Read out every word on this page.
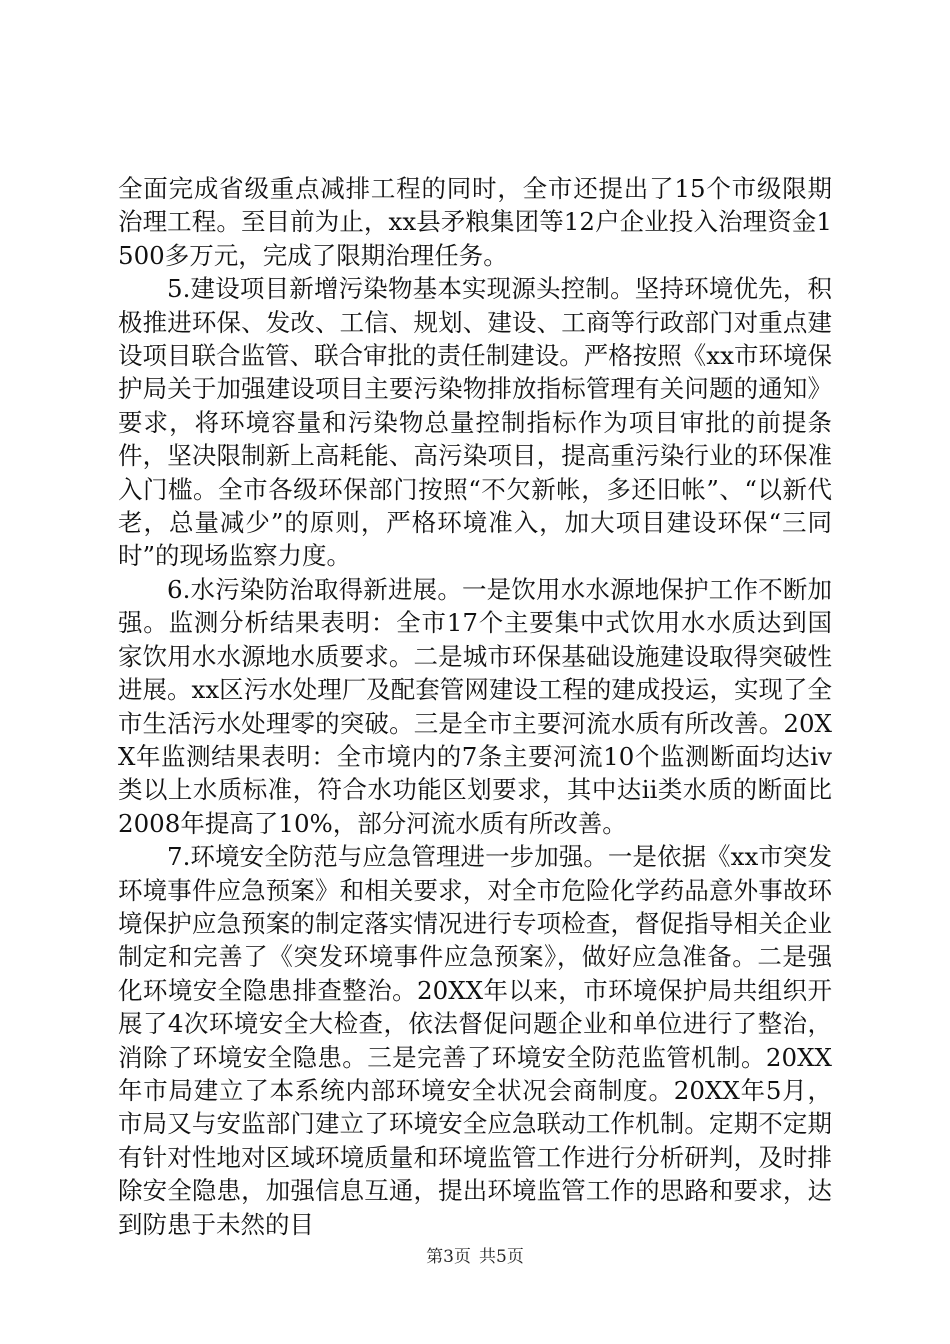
全面完成省级重点减排工程的同时，全市还提出了15个市级限期治理工程。至目前为止，xx县矛粮集团等12户企业投入治理资金1500多万元，完成了限期治理任务。

5.建设项目新增污染物基本实现源头控制。坚持环境优先，积极推进环保、发改、工信、规划、建设、工商等行政部门对重点建设项目联合监管、联合审批的责任制建设。严格按照《xx市环境保护局关于加强建设项目主要污染物排放指标管理有关问题的通知》要求，将环境容量和污染物总量控制指标作为项目审批的前提条件，坚决限制新上高耗能、高污染项目，提高重污染行业的环保准入门槛。全市各级环保部门按照“不欠新帐，多还旧帐”、“以新代老，总量减少”的原则，严格环境准入，加大项目建设环保“三同时”的现场监察力度。

6.水污染防治取得新进展。一是饮用水水源地保护工作不断加强。监测分析结果表明：全市17个主要集中式饮用水水质达到国家饮用水水源地水质要求。二是城市环保基础设施建设取得突破性进展。xx区污水处理厂及配套管网建设工程的建成投运，实现了全市生活污水处理零的突破。三是全市主要河流水质有所改善。20XX年监测结果表明：全市境内的7条主要河流10个监测断面均达iv类以上水质标准，符合水功能区划要求，其中达ii类水质的断面比2008年提高了10%，部分河流水质有所改善。

7.环境安全防范与应急管理进一步加强。一是依据《xx市突发环境事件应急预案》和相关要求，对全市危险化学药品意外事故环境保护应急预案的制定落实情况进行专项检查，督促指导相关企业制定和完善了《突发环境事件应急预案》，做好应急准备。二是强化环境安全隐患排查整治。20XX年以来，市环境保护局共组织开展了4次环境安全大检查，依法督促问题企业和单位进行了整治，消除了环境安全隐患。三是完善了环境安全防范监管机制。20XX年市局建立了本系统内部环境安全状况会商制度。20XX年5月，市局又与安监部门建立了环境安全应急联动工作机制。定期不定期有针对性地对区域环境质量和环境监管工作进行分析研判，及时排除安全隐患，加强信息互通，提出环境监管工作的思路和要求，达到防患于未然的目

第3页 共5页
